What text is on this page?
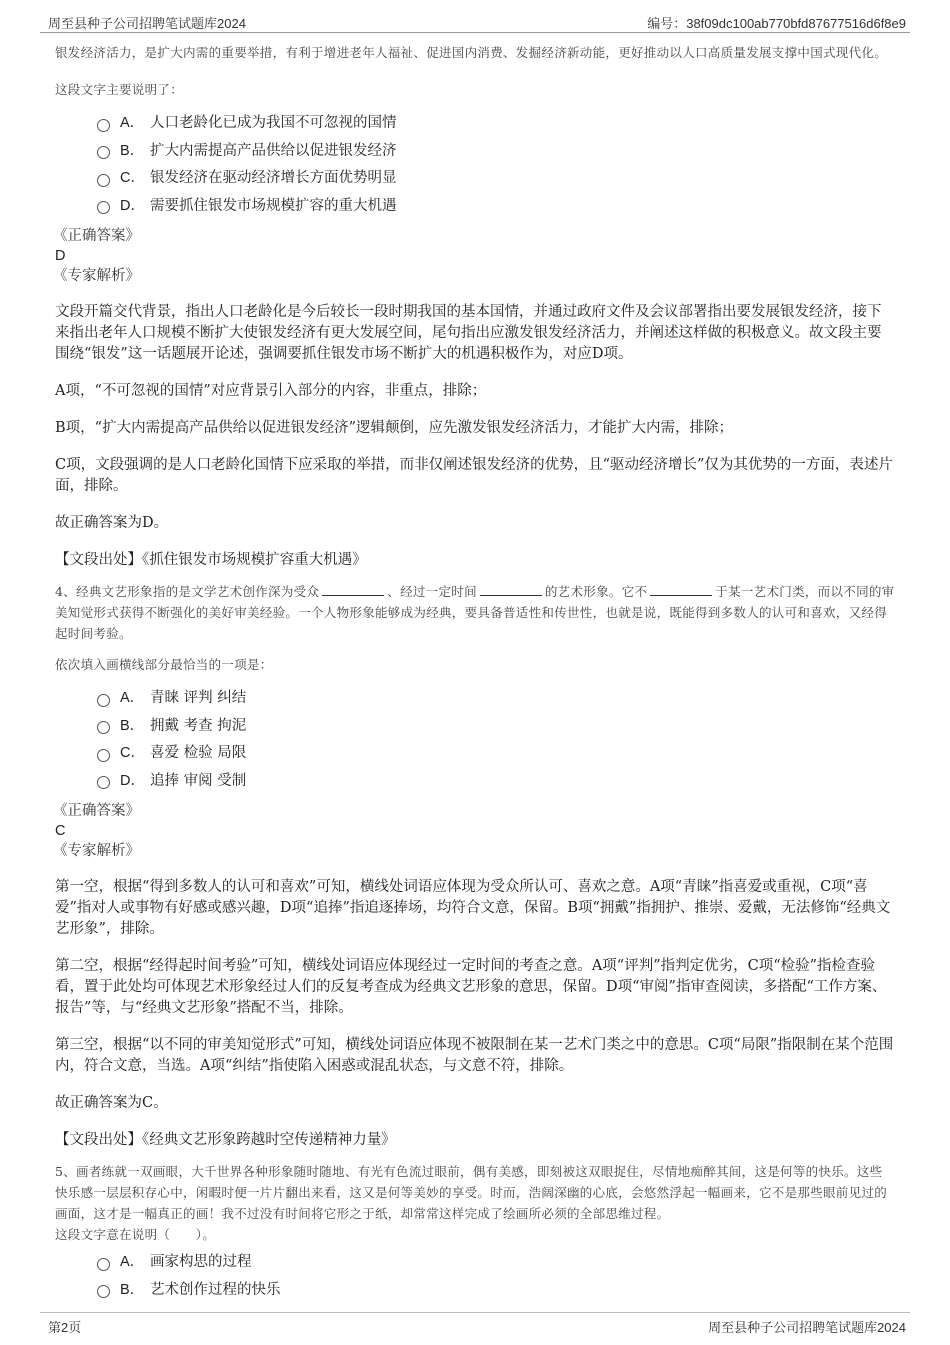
周至县种子公司招聘笔试题库2024	编号：38f09dc100ab770bfd87677516d6f8e9
银发经济活力，是扩大内需的重要举措，有利于增进老年人福祉、促进国内消费、发掘经济新动能，更好推动以人口高质量发展支撑中国式现代化。
这段文字主要说明了：
A． 人口老龄化已成为我国不可忽视的国情
B． 扩大内需提高产品供给以促进银发经济
C． 银发经济在驱动经济增长方面优势明显
D． 需要抓住银发市场规模扩容的重大机遇
《正确答案》
D
《专家解析》
文段开篇交代背景，指出人口老龄化是今后较长一段时期我国的基本国情，并通过政府文件及会议部署指出要发展银发经济，接下来指出老年人口规模不断扩大使银发经济有更大发展空间，尾句指出应激发银发经济活力，并阐述这样做的积极意义。故文段主要围绕“银发”这一话题展开论述，强调要抓住银发市场不断扩大的机遇积极作为，对应D项。
A项，“不可忽视的国情”对应背景引入部分的内容，非重点，排除；
B项，“扩大内需提高产品供给以促进银发经济”逻辑颠倒，应先激发银发经济活力，才能扩大内需，排除；
C项，文段强调的是人口老龄化国情下应采取的举措，而非仅阐述银发经济的优势，且“驱动经济增长”仅为其优势的一方面，表述片面，排除。
故正确答案为D。
【文段出处】《抓住银发市场规模扩容重大机遇》
4、经典文艺形象指的是文学艺术创作深为受众	、经过一定时间	的艺术形象。它不	于某一艺术门类，而以不同的审美知觉形式获得不断强化的美好审美经验。一个人物形象能够成为经典，要具备普适性和传世性，也就是说，既能得到多数人的认可和喜欢，又经得起时间考验。
依次填入画横线部分最恰当的一项是：
A． 青睐 评判 纠结
B． 拥戴 考查 拘泥
C． 喜爱 检验 局限
D． 追捧 审阅 受制
《正确答案》
C
《专家解析》
第一空，根据“得到多数人的认可和喜欢”可知，横线处词语应体现为受众所认可、喜欢之意。A项“青睐”指喜爱或重视，C项“喜爱”指对人或事物有好感或感兴趣，D项“追捧”指追逐捧场，均符合文意，保留。B项“拥戴”指拥护、推崇、爱戴，无法修饰“经典文艺形象”，排除。
第二空，根据“经得起时间考验”可知，横线处词语应体现经过一定时间的考查之意。A项“评判”指判定优劣，C项“检验”指检查验看，置于此处均可体现艺术形象经过人们的反复考查成为经典文艺形象的意思，保留。D项“审阅”指审查阅读，多搭配“工作方案、报告”等，与“经典文艺形象”搭配不当，排除。
第三空，根据“以不同的审美知觉形式”可知，横线处词语应体现不被限制在某一艺术门类之中的意思。C项“局限”指限制在某个范围内，符合文意，当选。A项“纠结”指使陷入困惑或混乱状态，与文意不符，排除。
故正确答案为C。
【文段出处】《经典文艺形象跨越时空传递精神力量》
5、画者练就一双画眼，大千世界各种形象随时随地、有光有色流过眼前，偶有美感，即刻被这双眼捉住，尽情地痴醉其间，这是何等的快乐。这些快乐感一层层积存心中，闲暇时便一片片翻出来看，这又是何等美妙的享受。时而，浩阔深幽的心底，会悠然浮起一幅画来，它不是那些眼前见过的画面，这才是一幅真正的画！我不过没有时间将它形之于纸，却常常这样完成了绘画所必须的全部思维过程。
这段文字意在说明（　　）。
A． 画家构思的过程
B． 艺术创作过程的快乐
第2页	周至县种子公司招聘笔试题库2024
